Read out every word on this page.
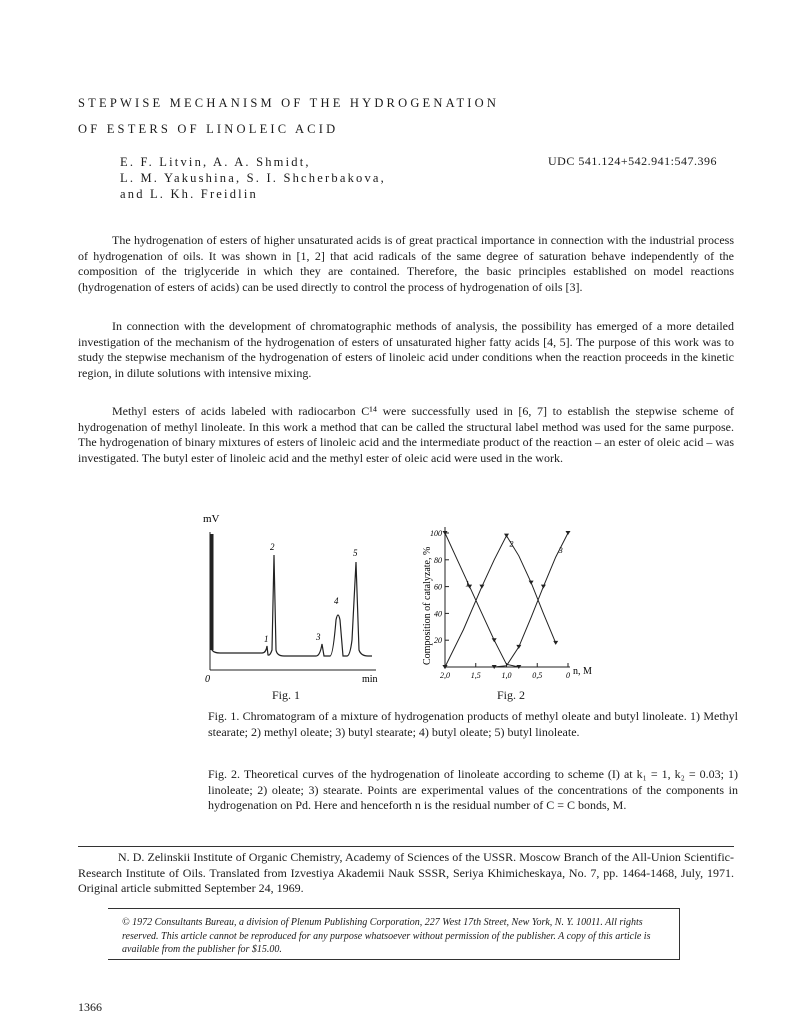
STEPWISE MECHANISM OF THE HYDROGENATION
OF ESTERS OF LINOLEIC ACID
E. F. Litvin, A. A. Shmidt,
L. M. Yakushina, S. I. Shcherbakova,
and L. Kh. Freidlin
UDC 541.124+542.941:547.396
The hydrogenation of esters of higher unsaturated acids is of great practical importance in connection with the industrial process of hydrogenation of oils. It was shown in [1, 2] that acid radicals of the same degree of saturation behave independently of the composition of the triglyceride in which they are contained. Therefore, the basic principles established on model reactions (hydrogenation of esters of acids) can be used directly to control the process of hydrogenation of oils [3].
In connection with the development of chromatographic methods of analysis, the possibility has emerged of a more detailed investigation of the mechanism of the hydrogenation of esters of unsaturated higher fatty acids [4, 5]. The purpose of this work was to study the stepwise mechanism of the hydrogenation of esters of linoleic acid under conditions when the reaction proceeds in the kinetic region, in dilute solutions with intensive mixing.
Methyl esters of acids labeled with radiocarbon C¹⁴ were successfully used in [6, 7] to establish the stepwise scheme of hydrogenation of methyl linoleate. In this work a method that can be called the structural label method was used for the same purpose. The hydrogenation of binary mixtures of esters of linoleic acid and the intermediate product of the reaction – an ester of oleic acid – was investigated. The butyl ester of linoleic acid and the methyl ester of oleic acid were used in the work.
mV
1
2
3
4
5
0	min
Fig. 1
Composition of catalyzate, % 20
40
60
80
100
2,0	1,5	1,0	0,5	0
1
2
3
n, M
Fig. 2
Fig. 1. Chromatogram of a mixture of hydrogenation products of methyl oleate and butyl linoleate. 1) Methyl stearate; 2) methyl oleate; 3) butyl stearate; 4) butyl oleate; 5) butyl linoleate.
Fig. 2. Theoretical curves of the hydrogenation of linoleate according to scheme (I) at k₁ = 1, k₂ = 0.03; 1) linoleate; 2) oleate; 3) stearate. Points are experimental values of the concentrations of the components in hydrogenation on Pd. Here and henceforth n is the residual number of C = C bonds, M.
N. D. Zelinskii Institute of Organic Chemistry, Academy of Sciences of the USSR. Moscow Branch of the All-Union Scientific-Research Institute of Oils. Translated from Izvestiya Akademii Nauk SSSR, Seriya Khimicheskaya, No. 7, pp. 1464-1468, July, 1971. Original article submitted September 24, 1969.
© 1972 Consultants Bureau, a division of Plenum Publishing Corporation, 227 West 17th Street, New York, N. Y. 10011. All rights reserved. This article cannot be reproduced for any purpose whatsoever without permission of the publisher. A copy of this article is available from the publisher for $15.00.
1366
